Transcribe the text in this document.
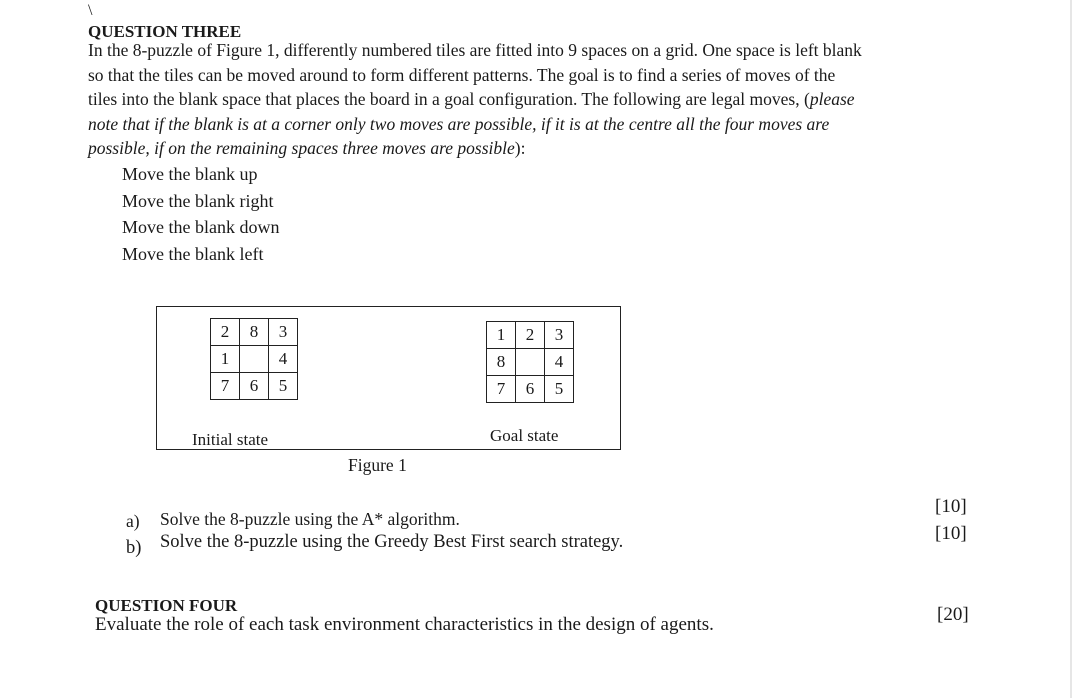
\
QUESTION THREE
In the 8-puzzle of Figure 1, differently numbered tiles are fitted into 9 spaces on a grid. One space is left blank
so that the tiles can be moved around to form different patterns. The goal is to find a series of moves of the
tiles into the blank space that places the board in a goal configuration. The following are legal moves, (please
note that if the blank is at a corner only two moves are possible, if it is at the centre all the four moves are
possible, if on the remaining spaces three moves are possible):
Move the blank up
Move the blank right
Move the blank down
Move the blank left
2	8	3
1		4
7	6	5
1	2	3
8		4
7	6	5
Initial state	Goal state
Figure 1
a) Solve the 8-puzzle using the A* algorithm.
[10]
b) Solve the 8-puzzle using the Greedy Best First search strategy.	[10]
QUESTION FOUR
Evaluate the role of each task environment characteristics in the design of agents.	[20]
